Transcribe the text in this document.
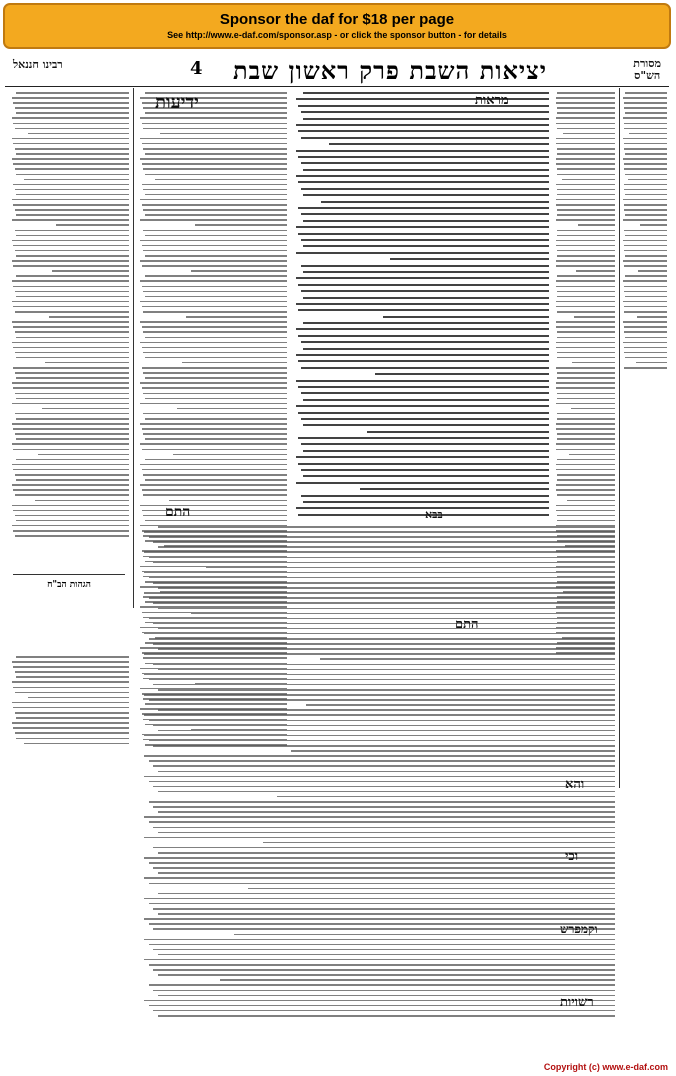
Sponsor the daf for $18 per page
See http://www.e-daf.com/sponsor.asp - or click the sponsor button - for details
רבינו חננאל	4	יציאות השבת פרק ראשון שבת	מסורת
הש"ס
הגהות הב"ח
ידיעות
התם
מראות
בבא
והא
וכי
וקמפרש
התם
רשויות
Copyright (c) www.e-daf.com
